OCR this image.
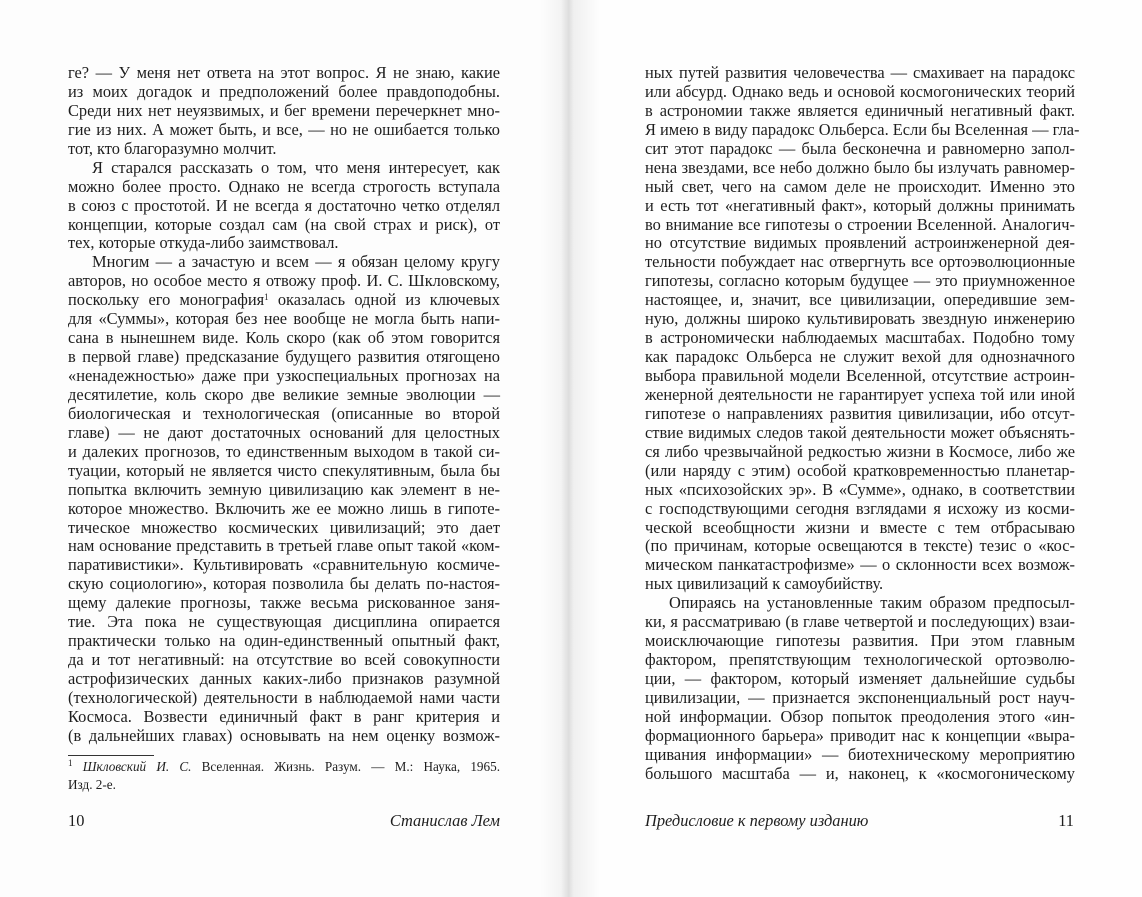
ге? — У меня нет ответа на этот вопрос. Я не знаю, какие
из моих догадок и предположений более правдоподобны.
Среди них нет неуязвимых, и бег времени перечеркнет мно-
гие из них. А может быть, и все, — но не ошибается только
тот, кто благоразумно молчит.
Я старался рассказать о том, что меня интересует, как
можно более просто. Однако не всегда строгость вступала
в союз с простотой. И не всегда я достаточно четко отделял
концепции, которые создал сам (на свой страх и риск), от
тех, которые откуда-либо заимствовал.
Многим — а зачастую и всем — я обязан целому кругу
авторов, но особое место я отвожу проф. И. С. Шкловскому,
поскольку его монография$^1$ оказалась одной из ключевых
для «Суммы», которая без нее вообще не могла быть напи-
сана в нынешнем виде. Коль скоро (как об этом говорится
в первой главе) предсказание будущего развития отягощено
«ненадежностью» даже при узкоспециальных прогнозах на
десятилетие, коль скоро две великие земные эволюции —
биологическая и технологическая (описанные во второй
главе) — не дают достаточных оснований для целостных
и далеких прогнозов, то единственным выходом в такой си-
туации, который не является чисто спекулятивным, была бы
попытка включить земную цивилизацию как элемент в не-
которое множество. Включить же ее можно лишь в гипоте-
тическое множество космических цивилизаций; это дает
нам основание представить в третьей главе опыт такой «ком-
паративистики». Культивировать «сравнительную космиче-
скую социологию», которая позволила бы делать по-настоя-
щему далекие прогнозы, также весьма рискованное заня-
тие. Эта пока не существующая дисциплина опирается
практически только на один-единственный опытный факт,
да и тот негативный: на отсутствие во всей совокупности
астрофизических данных каких-либо признаков разумной
(технологической) деятельности в наблюдаемой нами части
Космоса. Возвести единичный факт в ранг критерия и
(в дальнейших главах) основывать на нем оценку возмож-
$^1$ Шкловский И. С. Вселенная. Жизнь. Разум. — М.: Наука, 1965.
Изд. 2-е.
10	Станислав Лем
ных путей развития человечества — смахивает на парадокс
или абсурд. Однако ведь и основой космогонических теорий
в астрономии также является единичный негативный факт.
Я имею в виду парадокс Ольберса. Если бы Вселенная — гла-
сит этот парадокс — была бесконечна и равномерно запол-
нена звездами, все небо должно было бы излучать равномер-
ный свет, чего на самом деле не происходит. Именно это
и есть тот «негативный факт», который должны принимать
во внимание все гипотезы о строении Вселенной. Аналогич-
но отсутствие видимых проявлений астроинженерной дея-
тельности побуждает нас отвергнуть все ортоэволюционные
гипотезы, согласно которым будущее — это приумноженное
настоящее, и, значит, все цивилизации, опередившие зем-
ную, должны широко культивировать звездную инженерию
в астрономически наблюдаемых масштабах. Подобно тому
как парадокс Ольберса не служит вехой для однозначного
выбора правильной модели Вселенной, отсутствие астроин-
женерной деятельности не гарантирует успеха той или иной
гипотезе о направлениях развития цивилизации, ибо отсут-
ствие видимых следов такой деятельности может объяснять-
ся либо чрезвычайной редкостью жизни в Космосе, либо же
(или наряду с этим) особой кратковременностью планетар-
ных «психозойских эр». В «Сумме», однако, в соответствии
с господствующими сегодня взглядами я исхожу из косми-
ческой всеобщности жизни и вместе с тем отбрасываю
(по причинам, которые освещаются в тексте) тезис о «кос-
мическом панкатастрофизме» — о склонности всех возмож-
ных цивилизаций к самоубийству.
Опираясь на установленные таким образом предпосыл-
ки, я рассматриваю (в главе четвертой и последующих) взаи-
моисключающие гипотезы развития. При этом главным
фактором, препятствующим технологической ортоэволю-
ции, — фактором, который изменяет дальнейшие судьбы
цивилизации, — признается экспоненциальный рост науч-
ной информации. Обзор попыток преодоления этого «ин-
формационного барьера» приводит нас к концепции «выра-
щивания информации» — биотехническому мероприятию
большого масштаба — и, наконец, к «космогоническому
Предисловие к первому изданию	11
